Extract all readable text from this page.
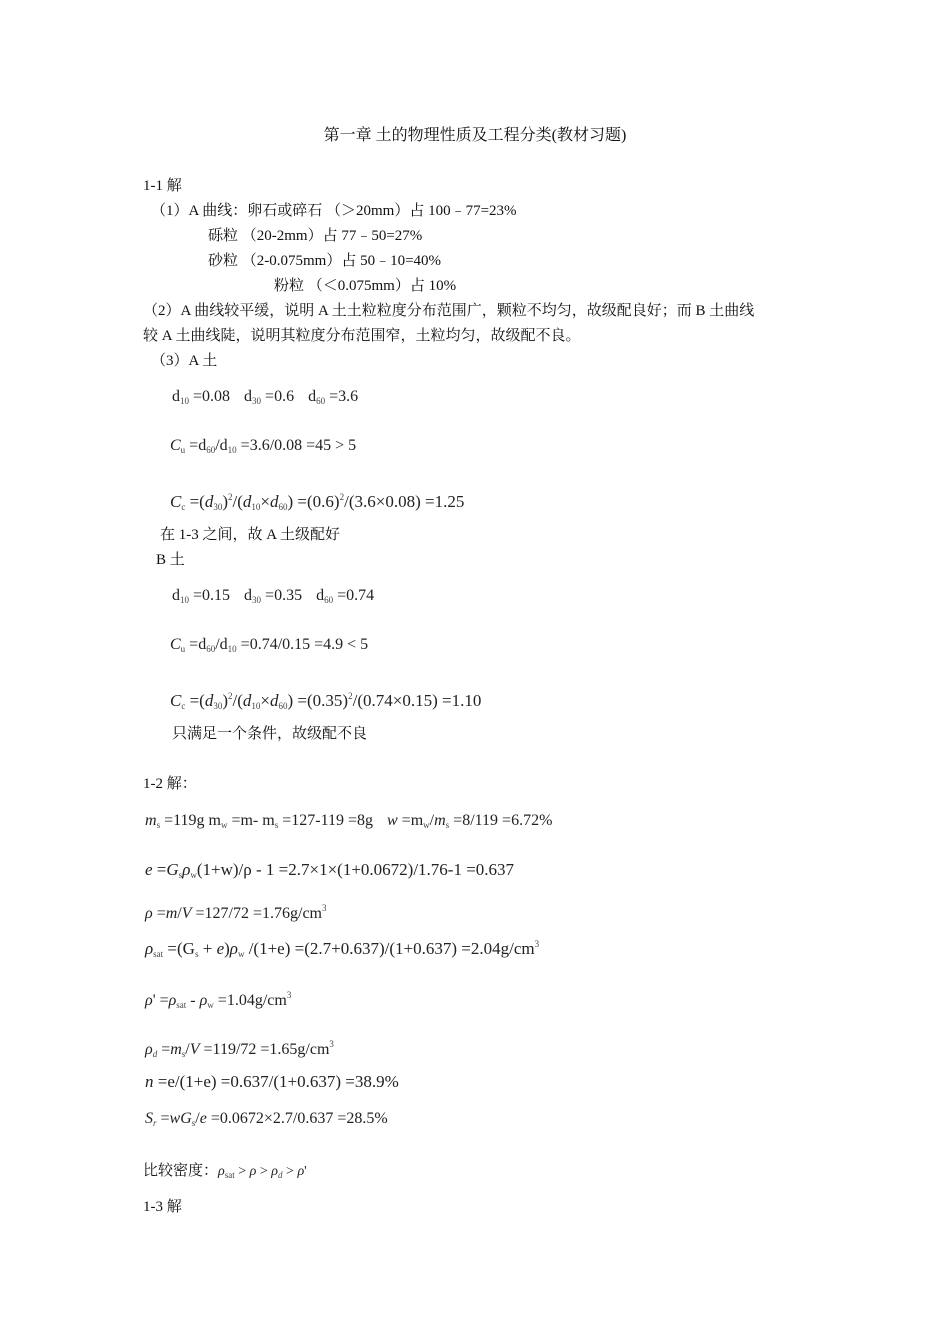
第一章 土的物理性质及工程分类(教材习题)
1-1 解
（1）A 曲线：卵石或碎石 （＞20mm）占 100﹣77=23%
砾粒 （20-2mm）占 77﹣50=27%
砂粒 （2-0.075mm）占 50﹣10=40%
粉粒 （＜0.075mm）占 10%
（2）A 曲线较平缓，说明 A 土土粒粒度分布范围广，颗粒不均匀，故级配良好；而 B 土曲线
较 A 土曲线陡，说明其粒度分布范围窄，土粒均匀，故级配不良。
（3）A 土
$d_{10} =0.08$ $d_{30} =0.6$ $d_{60} =3.6$
$C_u =d_{60}/d_{10} =3.6/0.08 =45 > 5$
$C_c =(d_{30})^2/(d_{10}\times d_{60}) =(0.6)^2/(3.6\times 0.08) =1.25$
在 1-3 之间，故 A 土级配好
B 土
$d_{10} =0.15$ $d_{30} =0.35$ $d_{60} =0.74$
$C_u =d_{60}/d_{10} =0.74/0.15 =4.9 < 5$
$C_c =(d_{30})^2/(d_{10}\times d_{60}) =(0.35)^2/(0.74\times 0.15) =1.10$
只满足一个条件，故级配不良
1-2 解：
$m_s =119g$ $m_w =m-$ $m_s =127-119 =8g$ $w =m_w/m_s =8/119 =6.72\%$
$e =G_s\rho_w(1+w)/\rho - 1 =2.7\times 1\times(1+0.0672)/1.76-1 =0.637$
$\rho =m/V =127/72 =1.76g/cm^3$
$\rho_{sat} =(G_s + e)\rho_w$ $/(1+e) =(2.7+0.637)/(1+0.637) =2.04g/cm^3$
$\rho' =\rho_{sat} - \rho_w =1.04g/cm^3$
$\rho_d =m_s/V =119/72 =1.65g/cm^3$
n =e/(1+e) =0.637/(1+0.637) =38.9%
$S_r =wG_s/e =0.0672\times 2.7/0.637 =28.5\%$
比较密度：$\rho_{sat} > \rho > \rho_d > \rho'$
1-3 解
